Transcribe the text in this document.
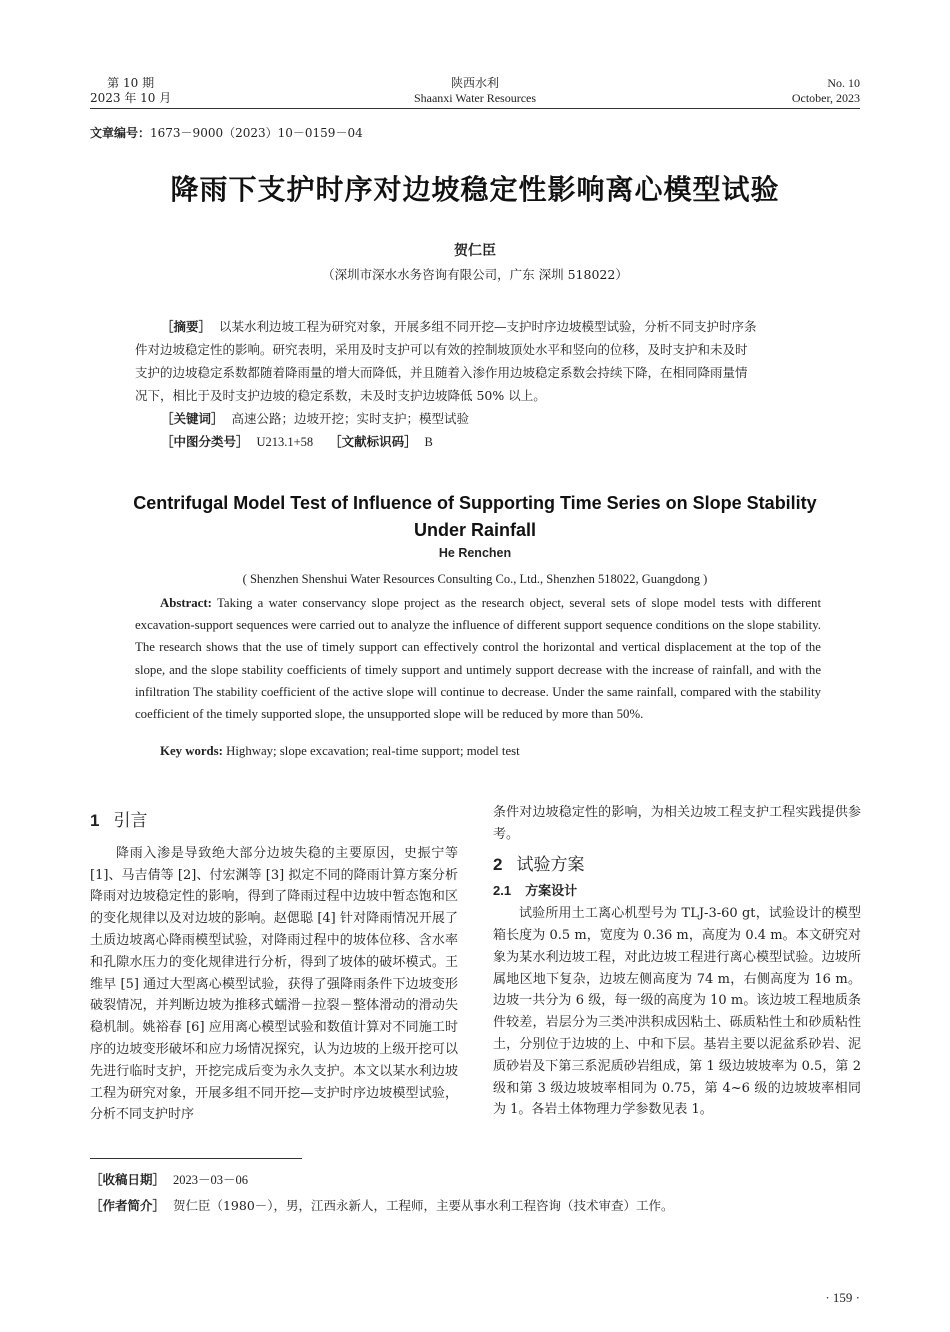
第 10 期
2023 年 10 月
陕西水利
Shaanxi Water Resources
No. 10
October, 2023
文章编号：1673－9000（2023）10－0159－04
降雨下支护时序对边坡稳定性影响离心模型试验
贺仁臣
（深圳市深水水务咨询有限公司，广东 深圳 518022）
［摘要］ 以某水利边坡工程为研究对象，开展多组不同开挖—支护时序边坡模型试验，分析不同支护时序条
件对边坡稳定性的影响。研究表明，采用及时支护可以有效的控制坡顶处水平和竖向的位移，及时支护和未及时
支护的边坡稳定系数都随着降雨量的增大而降低，并且随着入渗作用边坡稳定系数会持续下降，在相同降雨量情
况下，相比于及时支护边坡的稳定系数，未及时支护边坡降低 50% 以上。
［关键词］ 高速公路；边坡开挖；实时支护；模型试验
［中图分类号］ U213.1+58 ［文献标识码］ B
Centrifugal Model Test of Influence of Supporting Time Series on Slope Stability
Under Rainfall
He Renchen
( Shenzhen Shenshui Water Resources Consulting Co., Ltd., Shenzhen 518022, Guangdong )
Abstract: Taking a water conservancy slope project as the research object, several sets of slope model tests with different excavation-support sequences were carried out to analyze the influence of different support sequence conditions on the slope stability. The research shows that the use of timely support can effectively control the horizontal and vertical displacement at the top of the slope, and the slope stability coefficients of timely support and untimely support decrease with the increase of rainfall, and with the infiltration The stability coefficient of the active slope will continue to decrease. Under the same rainfall, compared with the stability coefficient of the timely supported slope, the unsupported slope will be reduced by more than 50%.
Key words: Highway; slope excavation; real-time support; model test
1 引言
降雨入渗是导致绝大部分边坡失稳的主要原因，史振宁等 [1]、马吉倩等 [2]、付宏渊等 [3] 拟定不同的降雨计算方案分析降雨对边坡稳定性的影响，得到了降雨过程中边坡中暂态饱和区的变化规律以及对边坡的影响。赵偲聪 [4] 针对降雨情况开展了土质边坡离心降雨模型试验，对降雨过程中的坡体位移、含水率和孔隙水压力的变化规律进行分析，得到了坡体的破坏模式。王维早 [5] 通过大型离心模型试验，获得了强降雨条件下边坡变形破裂情况，并判断边坡为推移式蠕滑－拉裂－整体滑动的滑动失稳机制。姚裕春 [6] 应用离心模型试验和数值计算对不同施工时序的边坡变形破坏和应力场情况探究，认为边坡的上级开挖可以先进行临时支护，开挖完成后变为永久支护。本文以某水利边坡工程为研究对象，开展多组不同开挖—支护时序边坡模型试验，分析不同支护时序
条件对边坡稳定性的影响，为相关边坡工程支护工程实践提供参考。
2 试验方案
2.1 方案设计
试验所用土工离心机型号为 TLJ-3-60 gt，试验设计的模型箱长度为 0.5 m，宽度为 0.36 m，高度为 0.4 m。本文研究对象为某水利边坡工程，对此边坡工程进行离心模型试验。边坡所属地区地下复杂，边坡左侧高度为 74 m，右侧高度为 16 m。边坡一共分为 6 级，每一级的高度为 10 m。该边坡工程地质条件较差，岩层分为三类冲洪积成因粘土、砾质粘性土和砂质粘性土，分别位于边坡的上、中和下层。基岩主要以泥盆系砂岩、泥质砂岩及下第三系泥质砂岩组成，第 1 级边坡坡率为 0.5，第 2 级和第 3 级边坡坡率相同为 0.75，第 4~6 级的边坡坡率相同为 1。各岩土体物理力学参数见表 1。
［收稿日期］ 2023－03－06
［作者简介］ 贺仁臣（1980－），男，江西永新人，工程师，主要从事水利工程咨询（技术审查）工作。
· 159 ·
